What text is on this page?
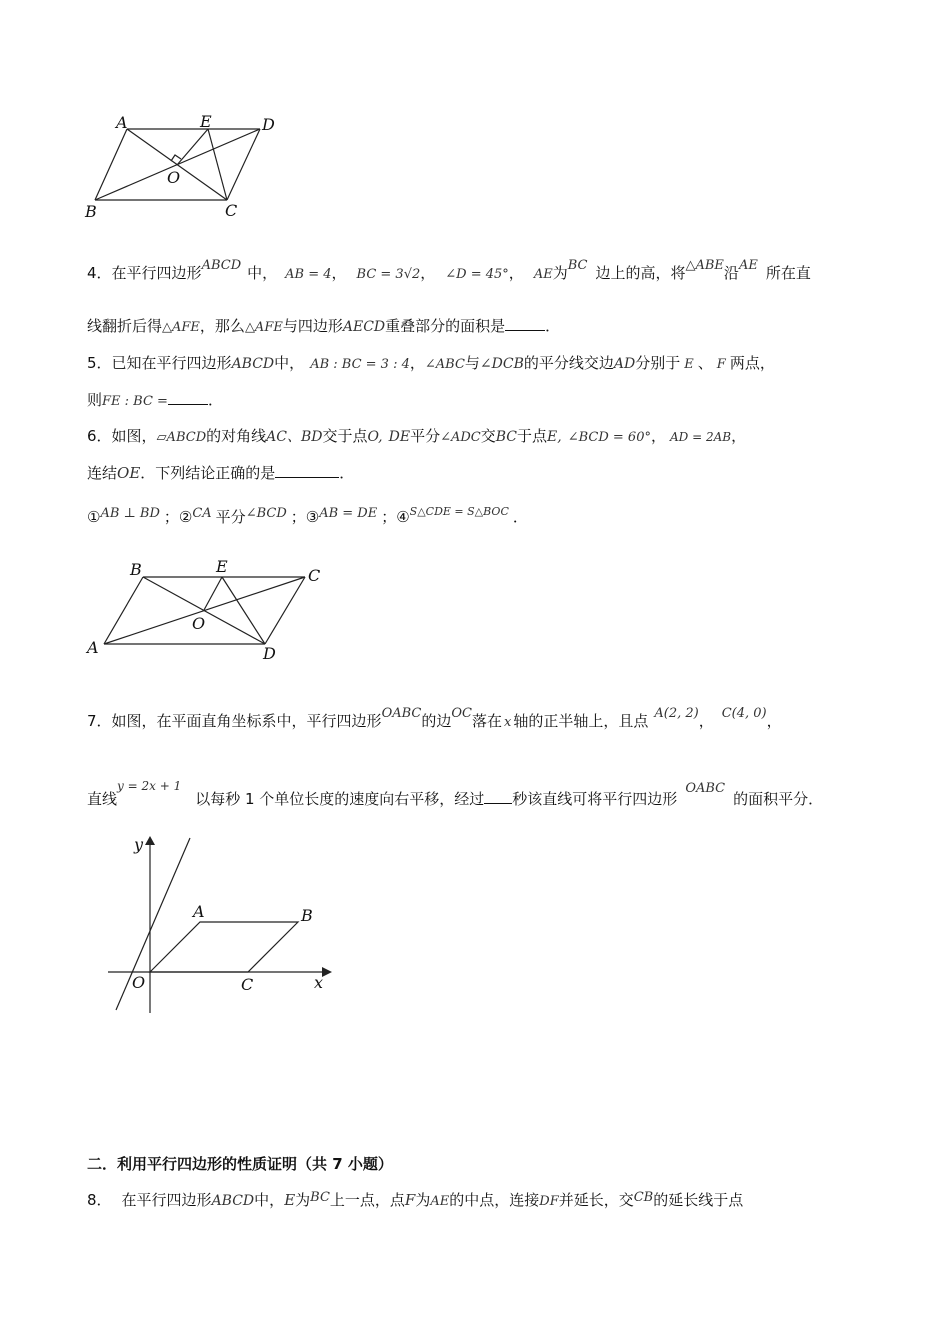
A	E	D
O
B	C
4．在平行四边形ABCD 中， AB = 4， BC = 3√2， ∠D = 45°， AE为BC 边上的高，将△ABE沿AE 所在直
线翻折后得△AFE，那么△AFE与四边形AECD重叠部分的面积是	．
5．已知在平行四边形ABCD中， AB : BC = 3 : 4，∠ABC与∠DCB的平分线交边AD分别于 E 、 F 两点，
则FE : BC =	．
6．如图，▱ABCD的对角线AC、BD交于点O, DE平分∠ADC交BC于点E, ∠BCD = 60°， AD = 2AB，
连结OE．下列结论正确的是	．
①AB ⊥ BD ；②CA 平分∠BCD ；③AB = DE ；④$^{S\triangle CDE = S\triangle BOC}$ ．
B	E	C
O
A	D
7．如图，在平面直角坐标系中，平行四边形OABC的边OC落在 x 轴的正半轴上，且点 A(2, 2)， C(4, 0)，
直线$^{y = 2x + 1}$以每秒 1 个单位长度的速度向右平移，经过 秒该直线可将平行四边形OABC的面积平分．
y
x
A	B
O	C
二．利用平行四边形的性质证明（共 7 小题）
8． 在平行四边形ABCD中，E为BC上一点，点F为AE的中点，连接DF并延长，交CB的延长线于点
